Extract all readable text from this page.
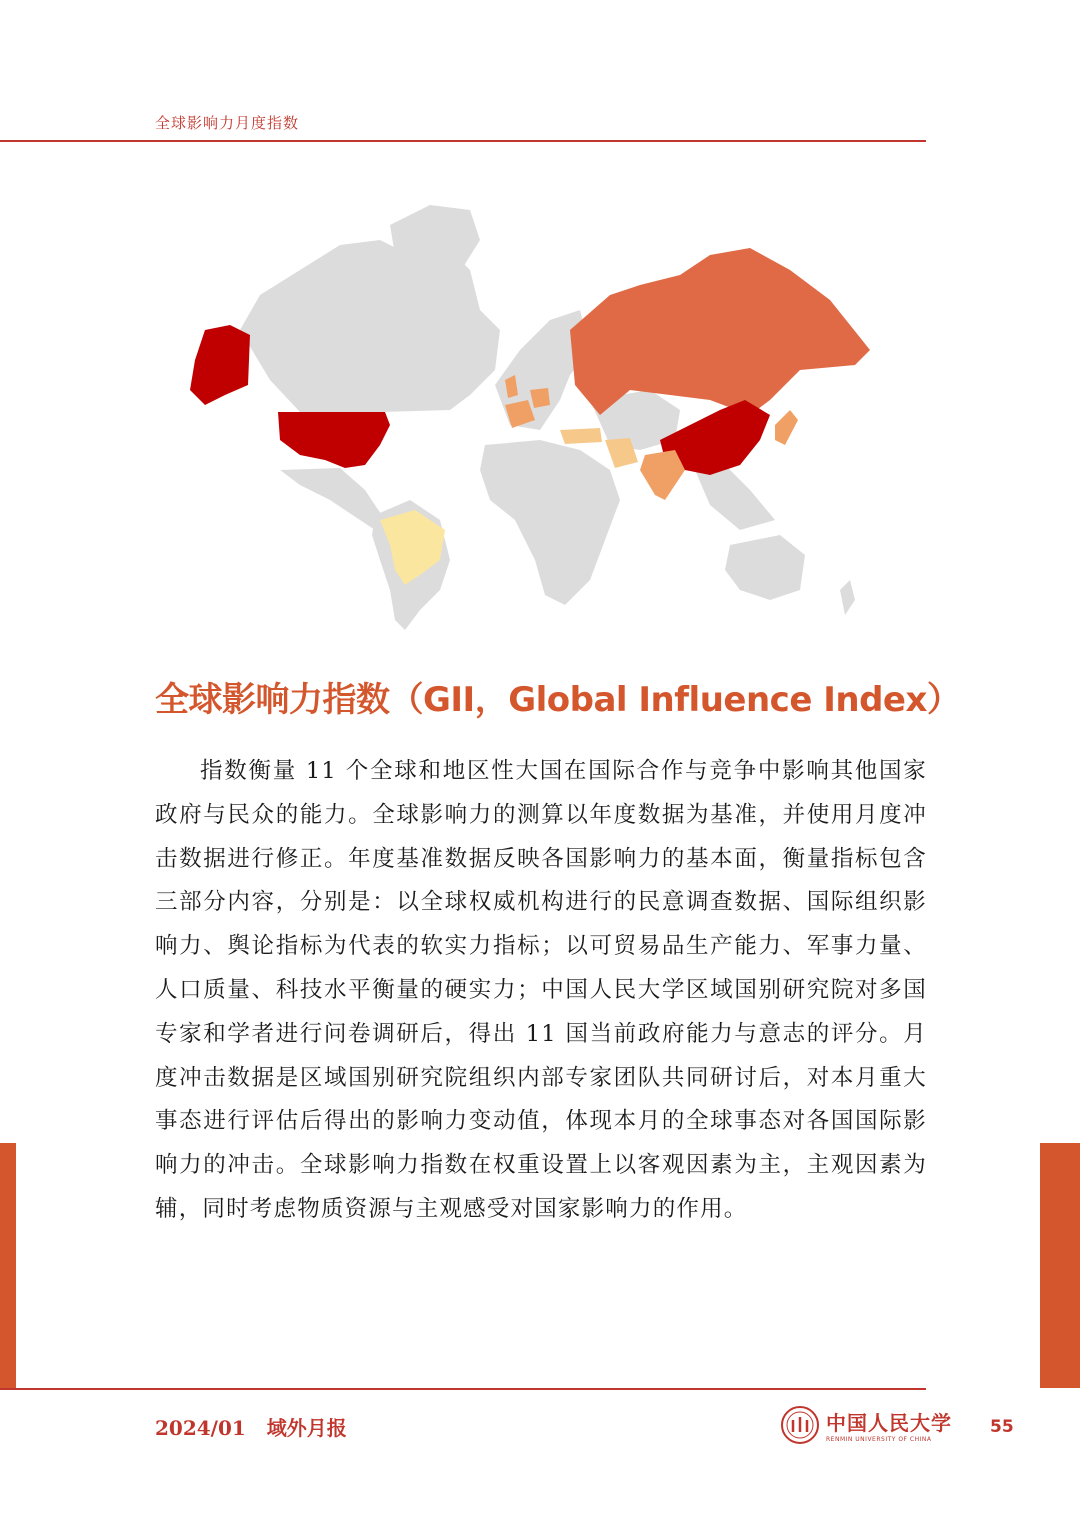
全球影响力月度指数
全球影响力指数（GII，Global Influence Index）
指数衡量 11 个全球和地区性大国在国际合作与竞争中影响其他国家政府与民众的能力。全球影响力的测算以年度数据为基准，并使用月度冲击数据进行修正。年度基准数据反映各国影响力的基本面，衡量指标包含三部分内容，分别是：以全球权威机构进行的民意调查数据、国际组织影响力、舆论指标为代表的软实力指标；以可贸易品生产能力、军事力量、人口质量、科技水平衡量的硬实力；中国人民大学区域国别研究院对多国专家和学者进行问卷调研后，得出 11 国当前政府能力与意志的评分。月度冲击数据是区域国别研究院组织内部专家团队共同研讨后，对本月重大事态进行评估后得出的影响力变动值，体现本月的全球事态对各国国际影响力的冲击。全球影响力指数在权重设置上以客观因素为主，主观因素为辅，同时考虑物质资源与主观感受对国家影响力的作用。
2024/01 域外月报	中国人民大学
RENMIN UNIVERSITY OF CHINA
55
